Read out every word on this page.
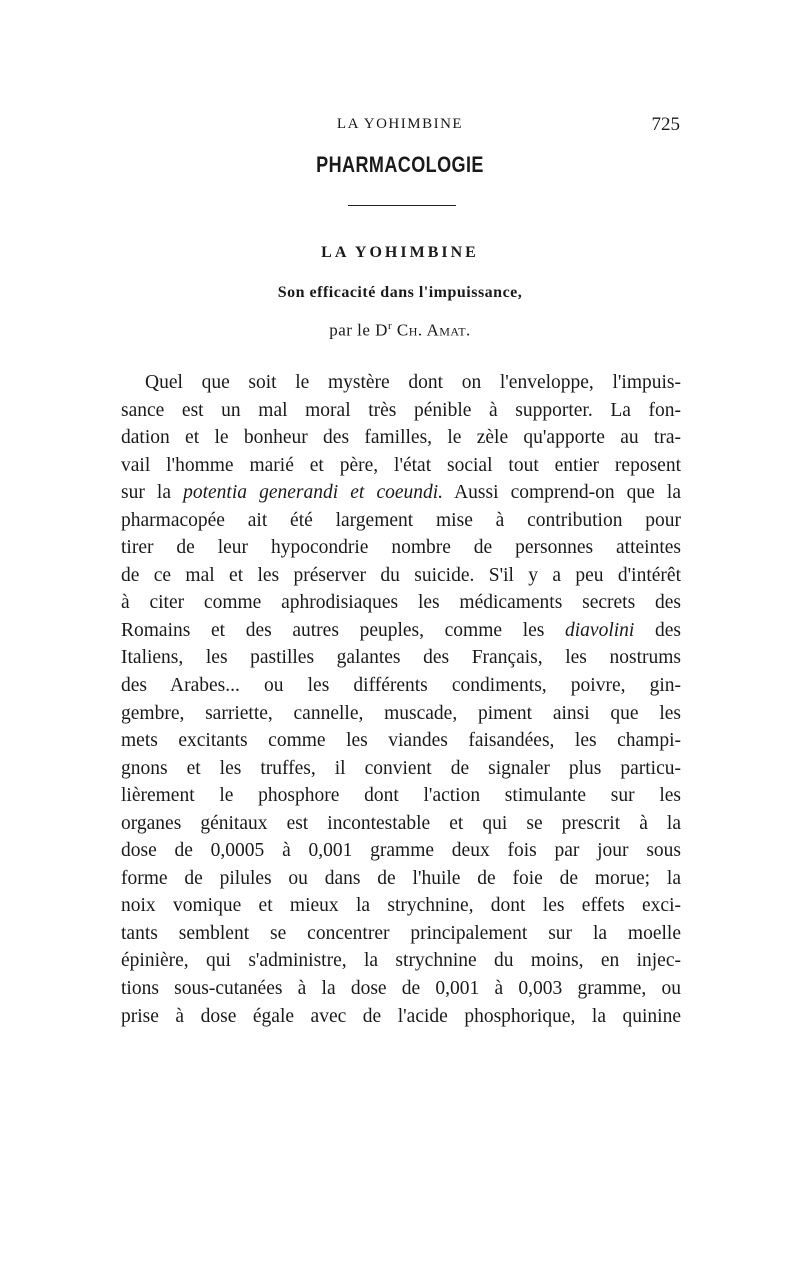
LA YOHIMBINE	725
PHARMACOLOGIE
LA YOHIMBINE
Son efficacité dans l'impuissance,
par le $D^r$ Ch. Amat.
Quel que soit le mystère dont on l'enveloppe, l'impuis-
sance est un mal moral très pénible à supporter. La fon-
dation et le bonheur des familles, le zèle qu'apporte au tra-
vail l'homme marié et père, l'état social tout entier reposent
sur la potentia generandi et coeundi. Aussi comprend-on que la
pharmacopée ait été largement mise à contribution pour
tirer de leur hypocondrie nombre de personnes atteintes
de ce mal et les préserver du suicide. S'il y a peu d'intérêt
à citer comme aphrodisiaques les médicaments secrets des
Romains et des autres peuples, comme les diavolini des
Italiens, les pastilles galantes des Français, les nostrums
des Arabes... ou les différents condiments, poivre, gin-
gembre, sarriette, cannelle, muscade, piment ainsi que les
mets excitants comme les viandes faisandées, les champi-
gnons et les truffes, il convient de signaler plus particu-
lièrement le phosphore dont l'action stimulante sur les
organes génitaux est incontestable et qui se prescrit à la
dose de 0,0005 à 0,001 gramme deux fois par jour sous
forme de pilules ou dans de l'huile de foie de morue; la
noix vomique et mieux la strychnine, dont les effets exci-
tants semblent se concentrer principalement sur la moelle
épinière, qui s'administre, la strychnine du moins, en injec-
tions sous-cutanées à la dose de 0,001 à 0,003 gramme, ou
prise à dose égale avec de l'acide phosphorique, la quinine
